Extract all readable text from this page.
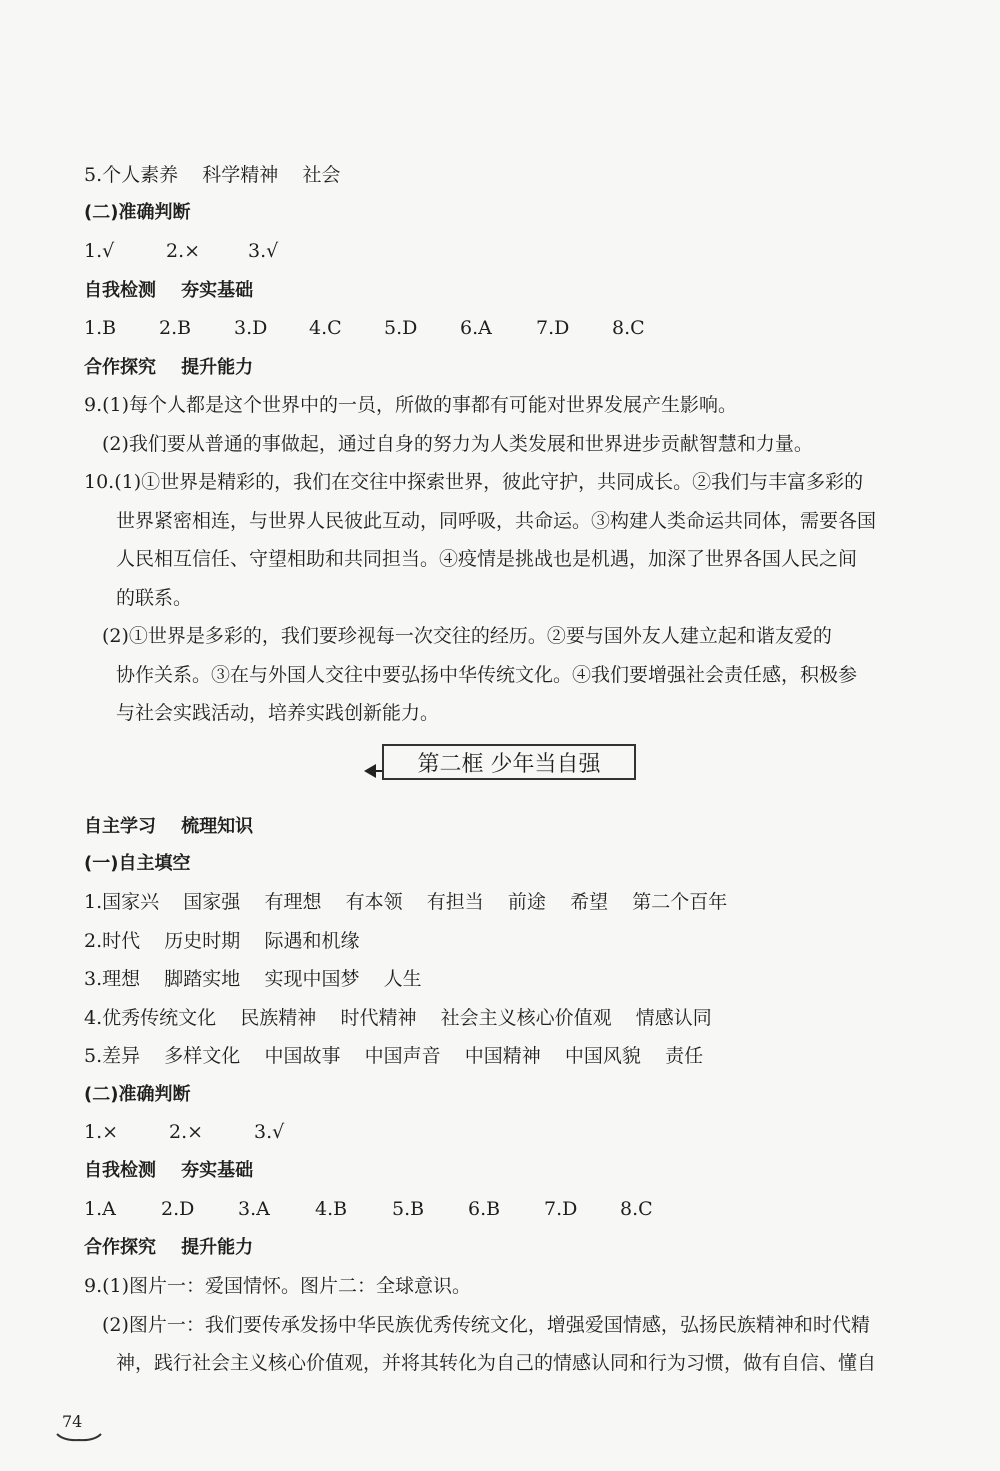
5.个人素养    科学精神    社会
(二)准确判断
1.√	2.×	3.√
自我检测    夯实基础
1.B	2.B	3.D	4.C	5.D	6.A	7.D	8.C
合作探究    提升能力
9.(1)每个人都是这个世界中的一员，所做的事都有可能对世界发展产生影响。
(2)我们要从普通的事做起，通过自身的努力为人类发展和世界进步贡献智慧和力量。
10.(1)①世界是精彩的，我们在交往中探索世界，彼此守护，共同成长。②我们与丰富多彩的
世界紧密相连，与世界人民彼此互动，同呼吸，共命运。③构建人类命运共同体，需要各国
人民相互信任、守望相助和共同担当。④疫情是挑战也是机遇，加深了世界各国人民之间
的联系。
(2)①世界是多彩的，我们要珍视每一次交往的经历。②要与国外友人建立起和谐友爱的
协作关系。③在与外国人交往中要弘扬中华传统文化。④我们要增强社会责任感，积极参
与社会实践活动，培养实践创新能力。
第二框 少年当自强
自主学习    梳理知识
(一)自主填空
1.国家兴    国家强    有理想    有本领    有担当    前途    希望    第二个百年
2.时代    历史时期    际遇和机缘
3.理想    脚踏实地    实现中国梦    人生
4.优秀传统文化    民族精神    时代精神    社会主义核心价值观    情感认同
5.差异    多样文化    中国故事    中国声音    中国精神    中国风貌    责任
(二)准确判断
1.×	2.×	3.√
自我检测    夯实基础
1.A	2.D	3.A	4.B	5.B	6.B	7.D	8.C
合作探究    提升能力
9.(1)图片一：爱国情怀。图片二：全球意识。
(2)图片一：我们要传承发扬中华民族优秀传统文化，增强爱国情感，弘扬民族精神和时代精
神，践行社会主义核心价值观，并将其转化为自己的情感认同和行为习惯，做有自信、懂自
74
